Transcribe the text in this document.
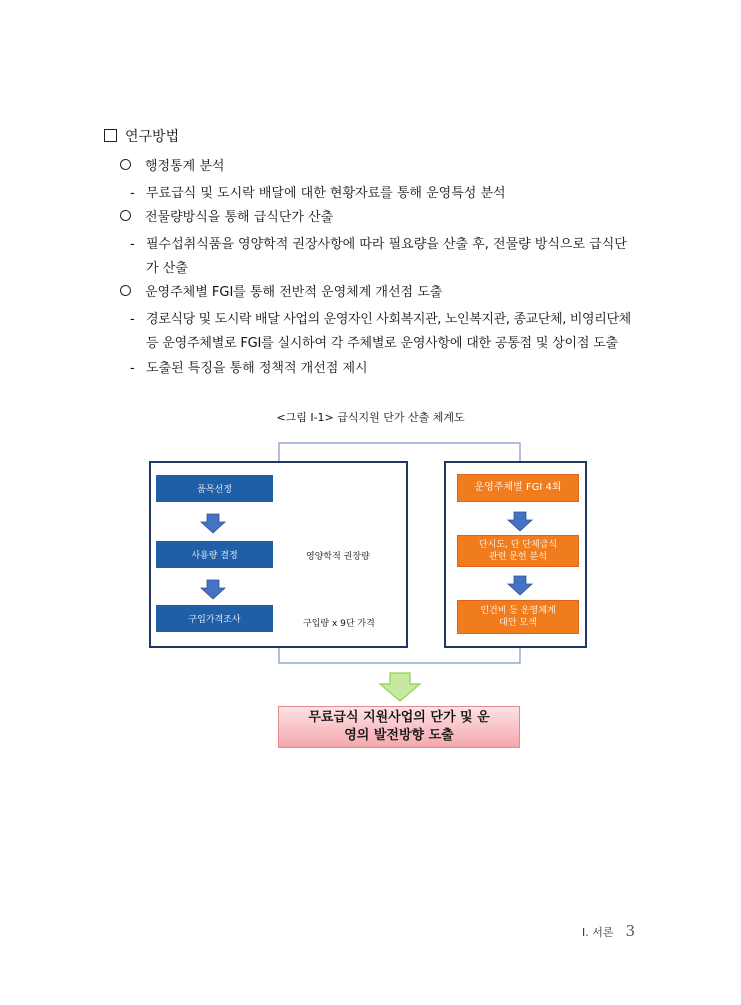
연구방법
행정통계 분석
- 무료급식 및 도시락 배달에 대한 현황자료를 통해 운영특성 분석
전물량방식을 통해 급식단가 산출
- 필수섭취식품을 영양학적 권장사항에 따라 필요량을 산출 후, 전물량 방식으로 급식단
가 산출
운영주체별 FGI를 통해 전반적 운영체계 개선점 도출
- 경로식당 및 도시락 배달 사업의 운영자인 사회복지관, 노인복지관, 종교단체, 비영리단체
등 운영주체별로 FGI를 실시하여 각 주체별로 운영사항에 대한 공통점 및 상이점 도출
- 도출된 특징을 통해 정책적 개선점 제시
<그림 Ⅰ-1> 급식지원 단가 산출 체계도
품목선정
사용량 결정
구입가격조사
영양학적 권장량
구입량 x 9단 가격
운영주체별 FGI 4회
단시도, 단 단체급식
관련 문헌 분석
인건비 등 운영체계
대안 모색
무료급식 지원사업의 단가 및 운
영의 발전방향 도출
Ⅰ. 서론 3
